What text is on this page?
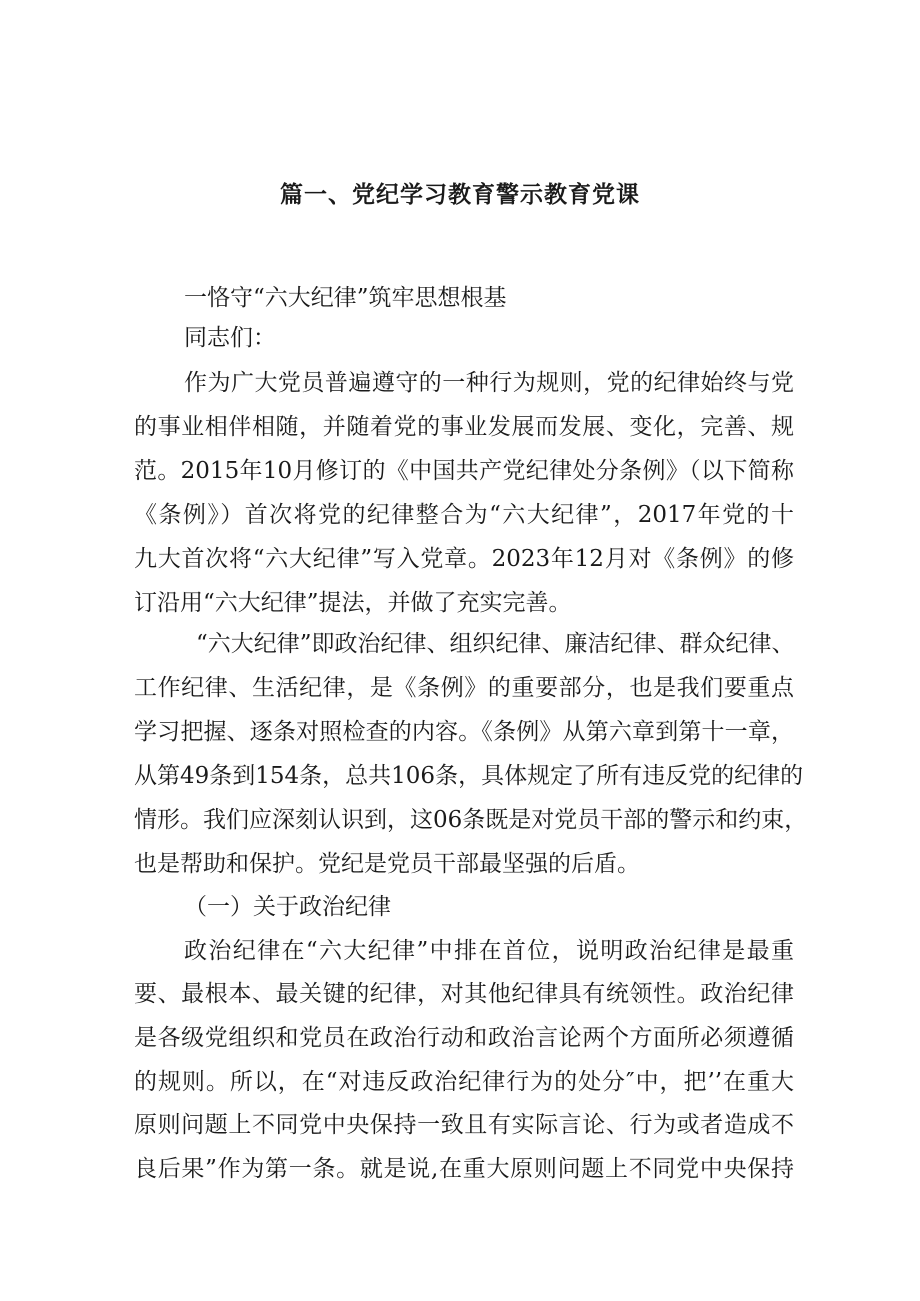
篇一、党纪学习教育警示教育党课

一恪守“六大纪律”筑牢思想根基

同志们：

作为广大党员普遍遵守的一种行为规则，党的纪律始终与党

的事业相伴相随，并随着党的事业发展而发展、变化，完善、规

范。2015年10月修订的《中国共产党纪律处分条例》（以下简称

《条例》）首次将党的纪律整合为“六大纪律”，2017年党的十

九大首次将“六大纪律”写入党章。2023年12月对《条例》的修

订沿用“六大纪律”提法，并做了充实完善。

“六大纪律”即政治纪律、组织纪律、廉洁纪律、群众纪律、

工作纪律、生活纪律，是《条例》的重要部分，也是我们要重点

学习把握、逐条对照检查的内容。《条例》从第六章到第十一章，

从第49条到154条，总共106条，具体规定了所有违反党的纪律的

情形。我们应深刻认识到，这06条既是对党员干部的警示和约束，

也是帮助和保护。党纪是党员干部最坚强的后盾。

（一）关于政治纪律

政治纪律在“六大纪律”中排在首位，说明政治纪律是最重

要、最根本、最关键的纪律，对其他纪律具有统领性。政治纪律

是各级党组织和党员在政治行动和政治言论两个方面所必须遵循

的规则。所以，在“对违反政治纪律行为的处分″中，把’’在重大

原则问题上不同党中央保持一致且有实际言论、行为或者造成不

良后果”作为第一条。就是说,在重大原则问题上不同党中央保持
